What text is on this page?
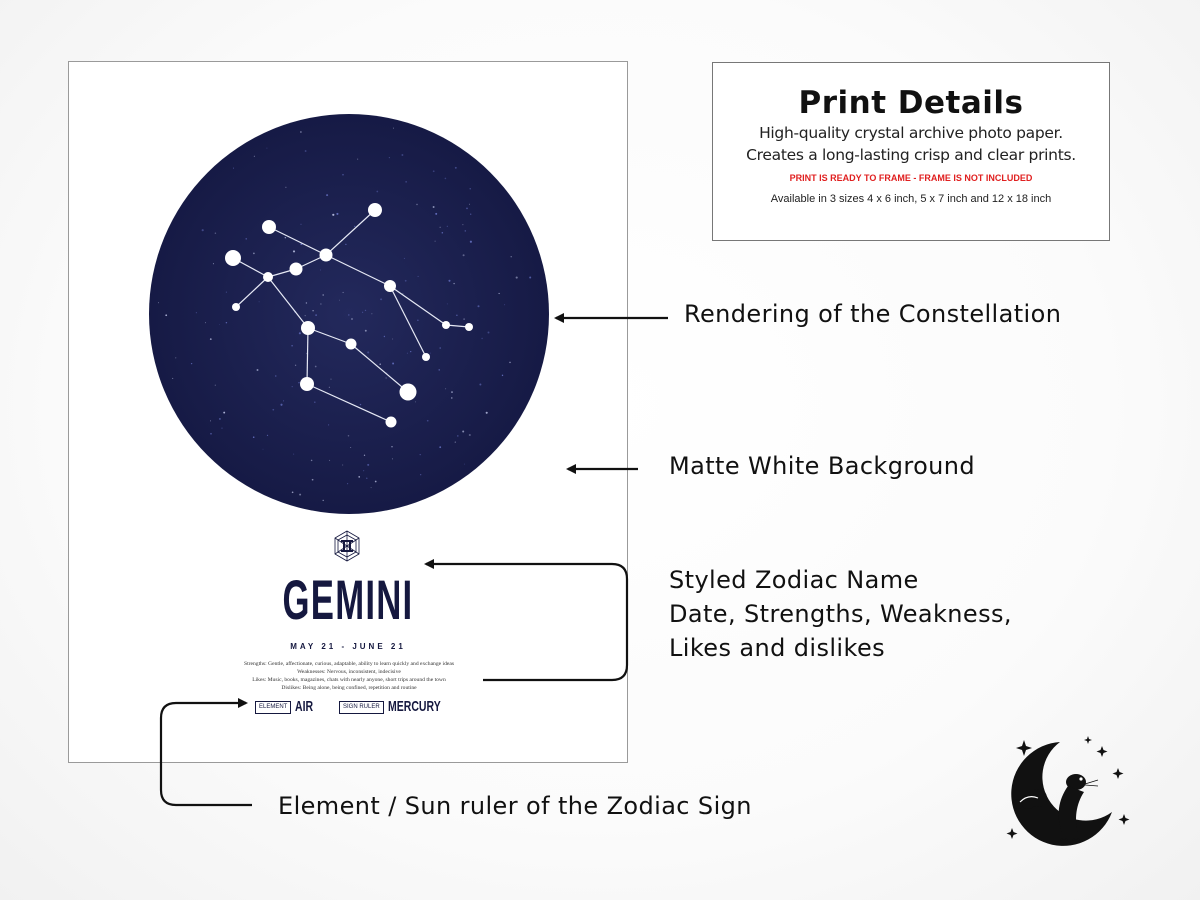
GEMINI
MAY 21 - JUNE 21
Strengths: Gentle, affectionate, curious, adaptable, ability to learn quickly and exchange ideas
Weaknesses: Nervous, inconsistent, indecisive
Likes: Music, books, magazines, chats with nearly anyone, short trips around the town
Dislikes: Being alone, being confined, repetition and routine
ELEMENT AIR	SIGN RULER MERCURY
Print Details
High-quality crystal archive photo paper.
Creates a long-lasting crisp and clear prints.
PRINT IS READY TO FRAME - FRAME IS NOT INCLUDED
Available in 3 sizes 4 x 6 inch, 5 x 7 inch and 12 x 18 inch
Rendering of the Constellation
Matte White Background
Styled Zodiac Name
Date, Strengths, Weakness,
Likes and dislikes
Element / Sun ruler of the Zodiac Sign
